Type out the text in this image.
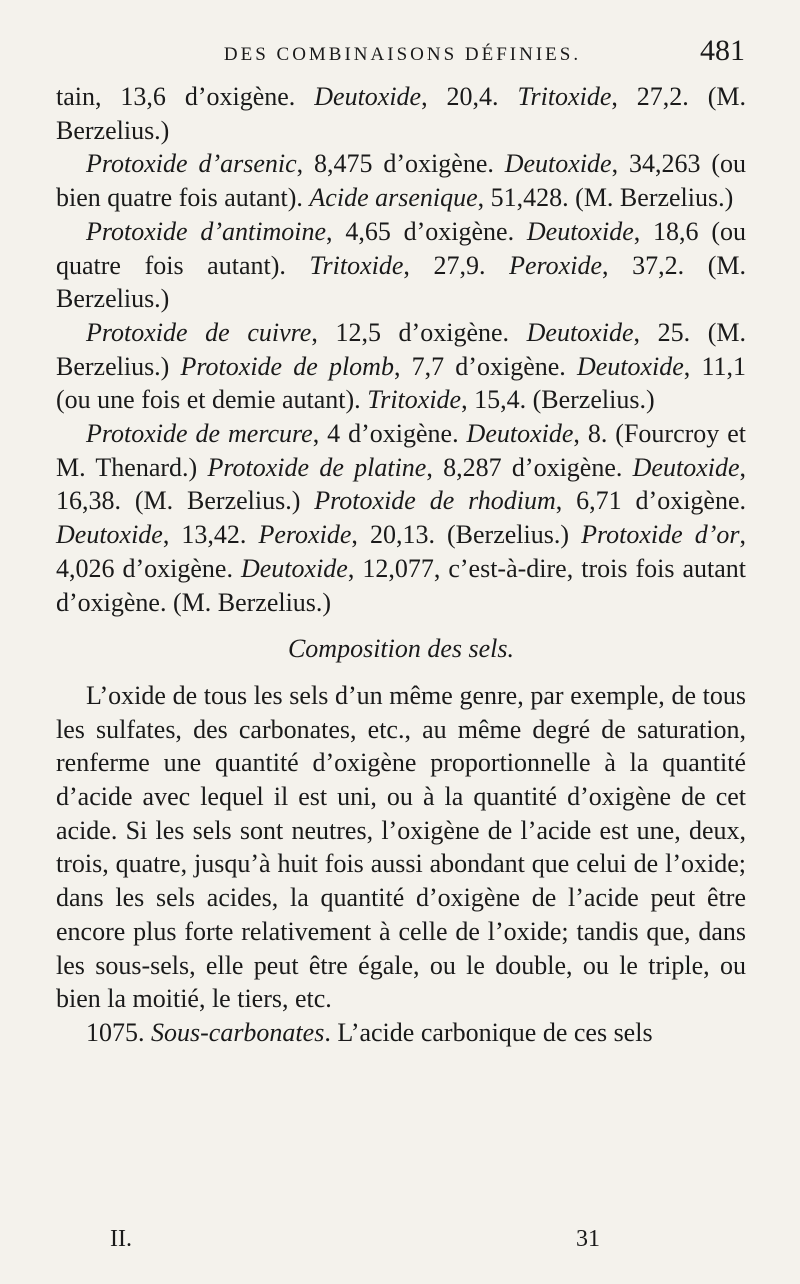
DES COMBINAISONS DÉFINIES.	481

tain, 13,6 d’oxigène. Deutoxide, 20,4. Tritoxide, 27,2. (M. Berzelius.)

Protoxide d’arsenic, 8,475 d’oxigène. Deutoxide, 34,263 (ou bien quatre fois autant). Acide arsenique, 51,428. (M. Berzelius.)

Protoxide d’antimoine, 4,65 d’oxigène. Deutoxide, 18,6 (ou quatre fois autant). Tritoxide, 27,9. Peroxide, 37,2. (M. Berzelius.)

Protoxide de cuivre, 12,5 d’oxigène. Deutoxide, 25. (M. Berzelius.) Protoxide de plomb, 7,7 d’oxigène. Deutoxide, 11,1 (ou une fois et demie autant). Tritoxide, 15,4. (Berzelius.)

Protoxide de mercure, 4 d’oxigène. Deutoxide, 8. (Fourcroy et M. Thenard.) Protoxide de platine, 8,287 d’oxigène. Deutoxide, 16,38. (M. Berzelius.) Protoxide de rhodium, 6,71 d’oxigène. Deutoxide, 13,42. Peroxide, 20,13. (Berzelius.) Protoxide d’or, 4,026 d’oxigène. Deutoxide, 12,077, c’est-à-dire, trois fois autant d’oxigène. (M. Berzelius.)

Composition des sels.

L’oxide de tous les sels d’un même genre, par exemple, de tous les sulfates, des carbonates, etc., au même degré de saturation, renferme une quantité d’oxigène proportionnelle à la quantité d’acide avec lequel il est uni, ou à la quantité d’oxigène de cet acide. Si les sels sont neutres, l’oxigène de l’acide est une, deux, trois, quatre, jusqu’à huit fois aussi abondant que celui de l’oxide; dans les sels acides, la quantité d’oxigène de l’acide peut être encore plus forte relativement à celle de l’oxide; tandis que, dans les sous-sels, elle peut être égale, ou le double, ou le triple, ou bien la moitié, le tiers, etc.

1075. Sous-carbonates. L’acide carbonique de ces sels

II.	31
